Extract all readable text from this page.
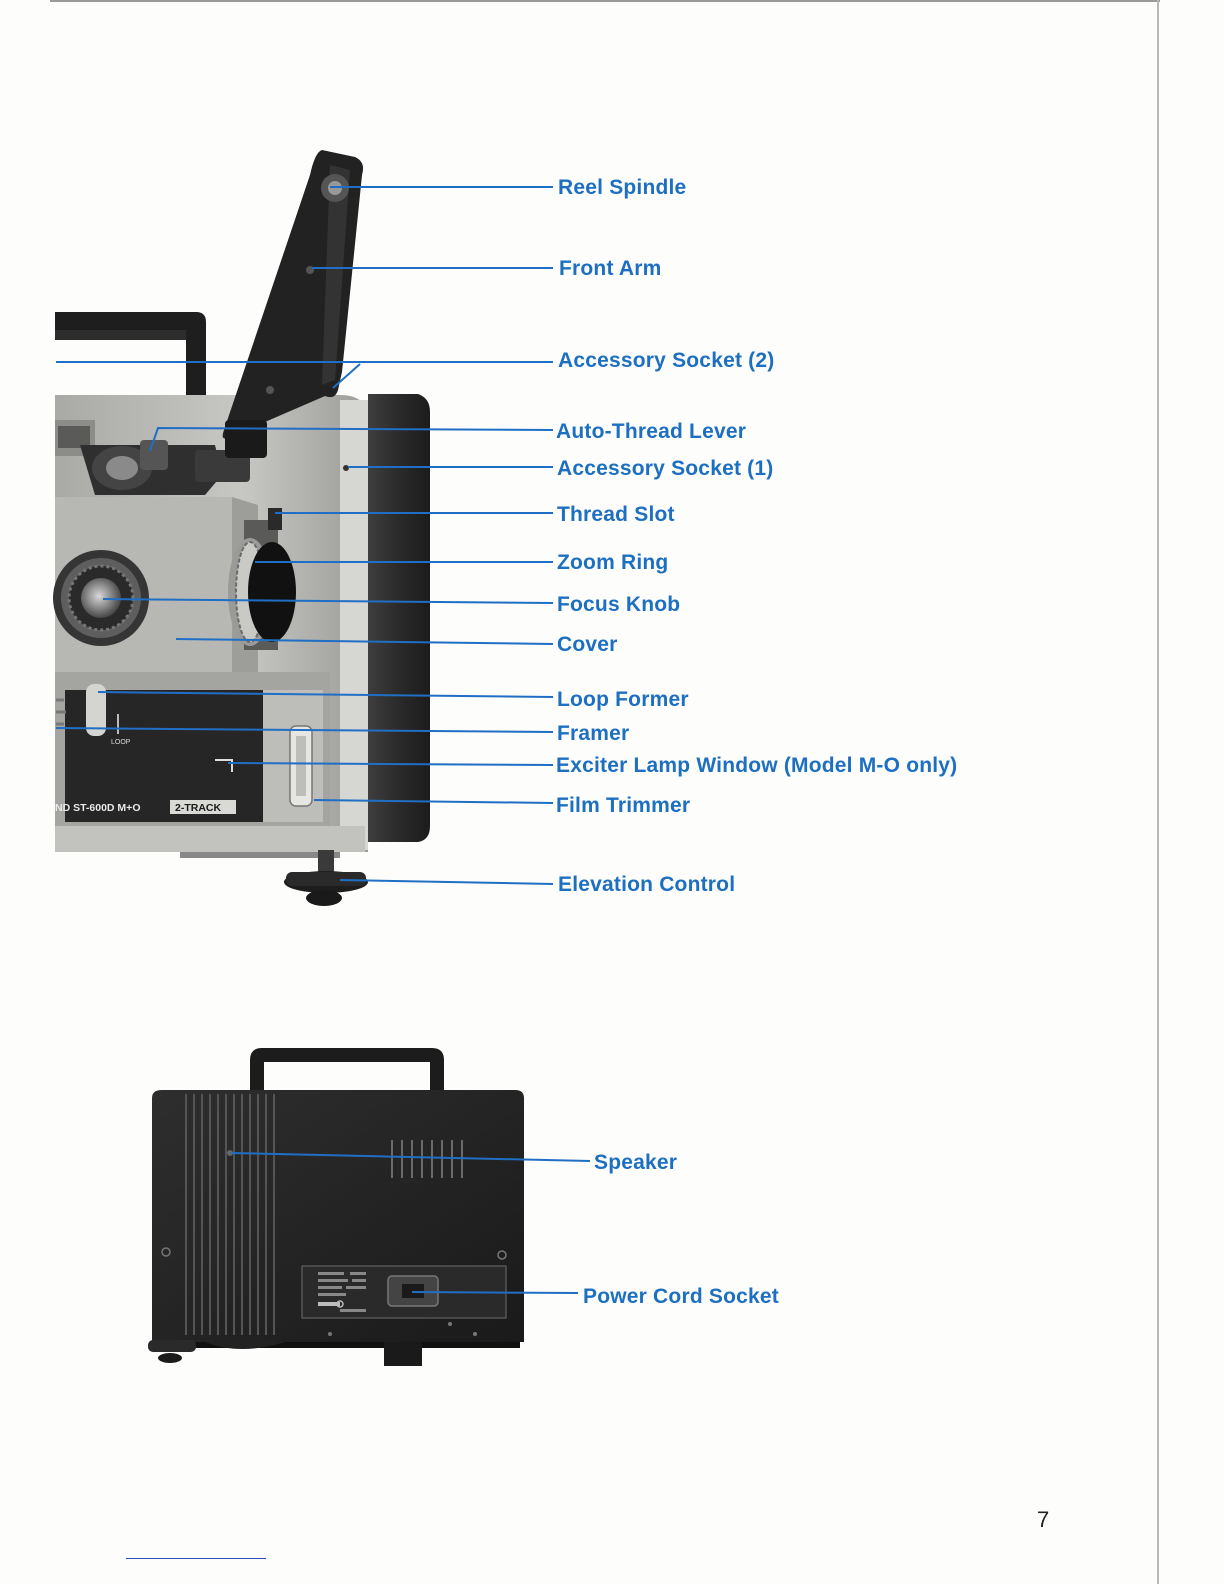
LOOP
ND ST-600D M+O	2-TRACK
Reel Spindle
Front Arm
Accessory Socket (2)
Auto-Thread Lever
Accessory Socket (1)
Thread Slot
Zoom Ring
Focus Knob
Cover
Loop Former
Framer
Exciter Lamp Window (Model M-O only)
Film Trimmer
Elevation Control
Speaker
Power Cord Socket
7
